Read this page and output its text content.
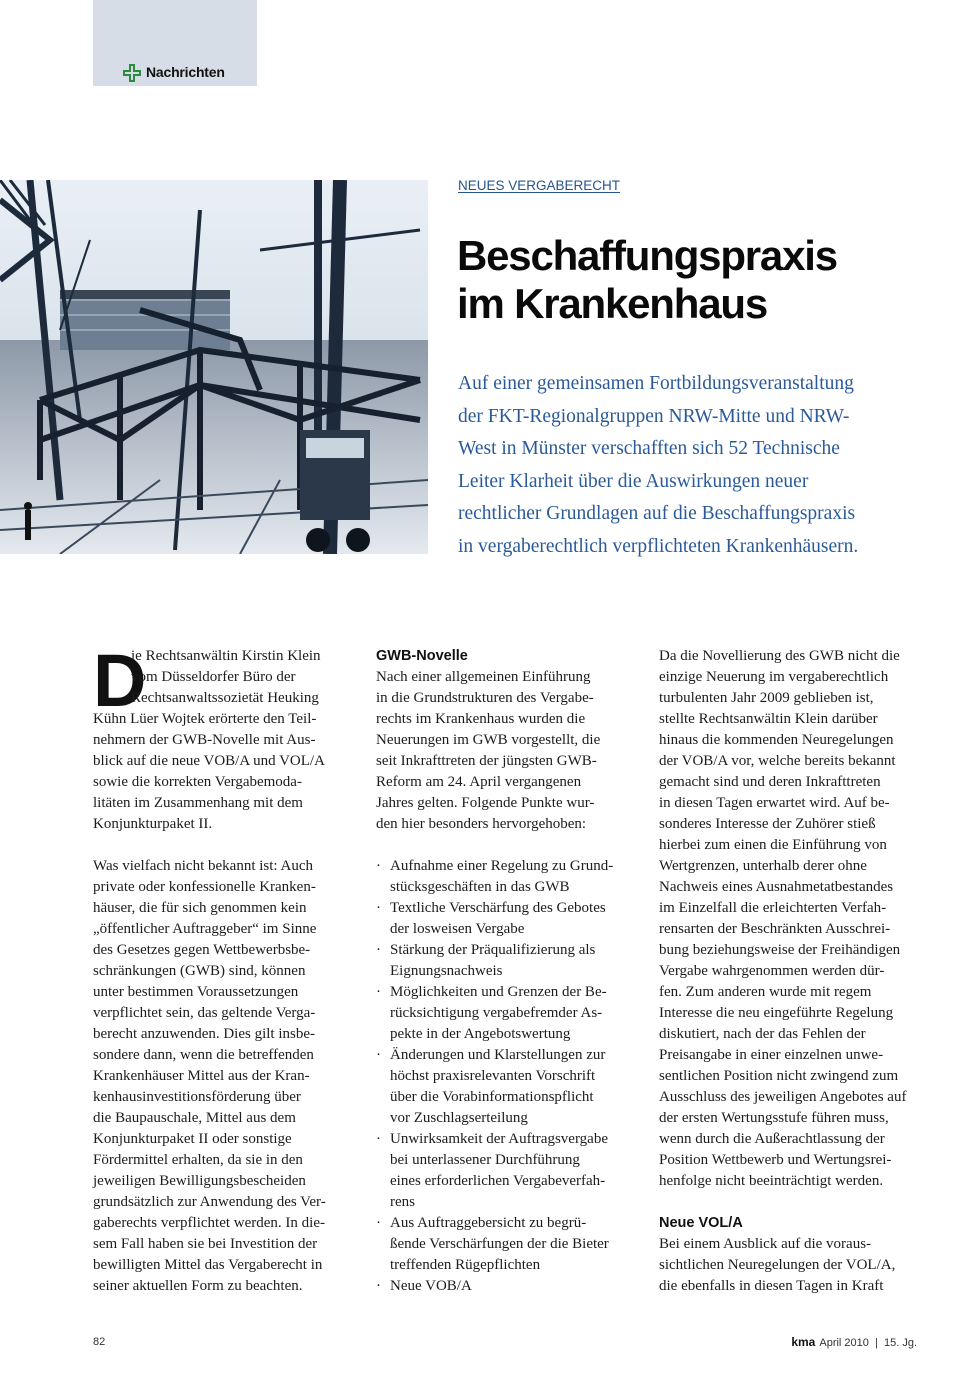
Nachrichten
NEUES VERGABERECHT
Beschaffungspraxis
im Krankenhaus

Auf einer gemeinsamen Fortbildungsveranstaltung
der FKT-Regionalgruppen NRW-Mitte und NRW-
West in Münster verschafften sich 52 Technische
Leiter Klarheit über die Auswirkungen neuer
rechtlicher Grundlagen auf die Beschaffungspraxis
in vergaberechtlich verpflichteten Krankenhäusern.

D
ie Rechtsanwältin Kirstin Klein
vom Düsseldorfer Büro der
Rechtsanwaltssozietät Heuking
Kühn Lüer Wojtek erörterte den Teil-
nehmern der GWB-Novelle mit Aus-
blick auf die neue VOB/A und VOL/A
sowie die korrekten Vergabemoda-
litäten im Zusammenhang mit dem
Konjunkturpaket II.
Was vielfach nicht bekannt ist: Auch
private oder konfessionelle Kranken-
häuser, die für sich genommen kein
„öffentlicher Auftraggeber“ im Sinne
des Gesetzes gegen Wettbewerbsbe-
schränkungen (GWB) sind, können
unter bestimmen Voraussetzungen
verpflichtet sein, das geltende Verga-
berecht anzuwenden. Dies gilt insbe-
sondere dann, wenn die betreffenden
Krankenhäuser Mittel aus der Kran-
kenhausinvestitionsförderung über
die Baupauschale, Mittel aus dem
Konjunkturpaket II oder sonstige
Fördermittel erhalten, da sie in den
jeweiligen Bewilligungsbescheiden
grundsätzlich zur Anwendung des Ver-
gaberechts verpflichtet werden. In die-
sem Fall haben sie bei Investition der
bewilligten Mittel das Vergaberecht in
seiner aktuellen Form zu beachten.
GWB-Novelle
Nach einer allgemeinen Einführung
in die Grundstrukturen des Vergabe-
rechts im Krankenhaus wurden die
Neuerungen im GWB vorgestellt, die
seit Inkrafttreten der jüngsten GWB-
Reform am 24. April vergangenen
Jahres gelten. Folgende Punkte wur-
den hier besonders hervorgehoben:
· Aufnahme einer Regelung zu Grund-
stücksgeschäften in das GWB
· Textliche Verschärfung des Gebotes
der losweisen Vergabe
· Stärkung der Präqualifizierung als
Eignungsnachweis
· Möglichkeiten und Grenzen der Be-
rücksichtigung vergabefremder As-
pekte in der Angebotswertung
· Änderungen und Klarstellungen zur
höchst praxisrelevanten Vorschrift
über die Vorabinformationspflicht
vor Zuschlagserteilung
· Unwirksamkeit der Auftragsvergabe
bei unterlassener Durchführung
eines erforderlichen Vergabeverfah-
rens
· Aus Auftraggebersicht zu begrü-
ßende Verschärfungen der die Bieter
treffenden Rügepflichten
· Neue VOB/A
Da die Novellierung des GWB nicht die
einzige Neuerung im vergaberechtlich
turbulenten Jahr 2009 geblieben ist,
stellte Rechtsanwältin Klein darüber
hinaus die kommenden Neuregelungen
der VOB/A vor, welche bereits bekannt
gemacht sind und deren Inkrafttreten
in diesen Tagen erwartet wird. Auf be-
sonderes Interesse der Zuhörer stieß
hierbei zum einen die Einführung von
Wertgrenzen, unterhalb derer ohne
Nachweis eines Ausnahmetatbestandes
im Einzelfall die erleichterten Verfah-
rensarten der Beschränkten Ausschrei-
bung beziehungsweise der Freihändigen
Vergabe wahrgenommen werden dür-
fen. Zum anderen wurde mit regem
Interesse die neu eingeführte Regelung
diskutiert, nach der das Fehlen der
Preisangabe in einer einzelnen unwe-
sentlichen Position nicht zwingend zum
Ausschluss des jeweiligen Angebotes auf
der ersten Wertungsstufe führen muss,
wenn durch die Außerachtlassung der
Position Wettbewerb und Wertungsrei-
henfolge nicht beeinträchtigt werden.
Neue VOL/A
Bei einem Ausblick auf die voraus-
sichtlichen Neuregelungen der VOL/A,
die ebenfalls in diesen Tagen in Kraft
82	kma April 2010  |  15. Jg.
